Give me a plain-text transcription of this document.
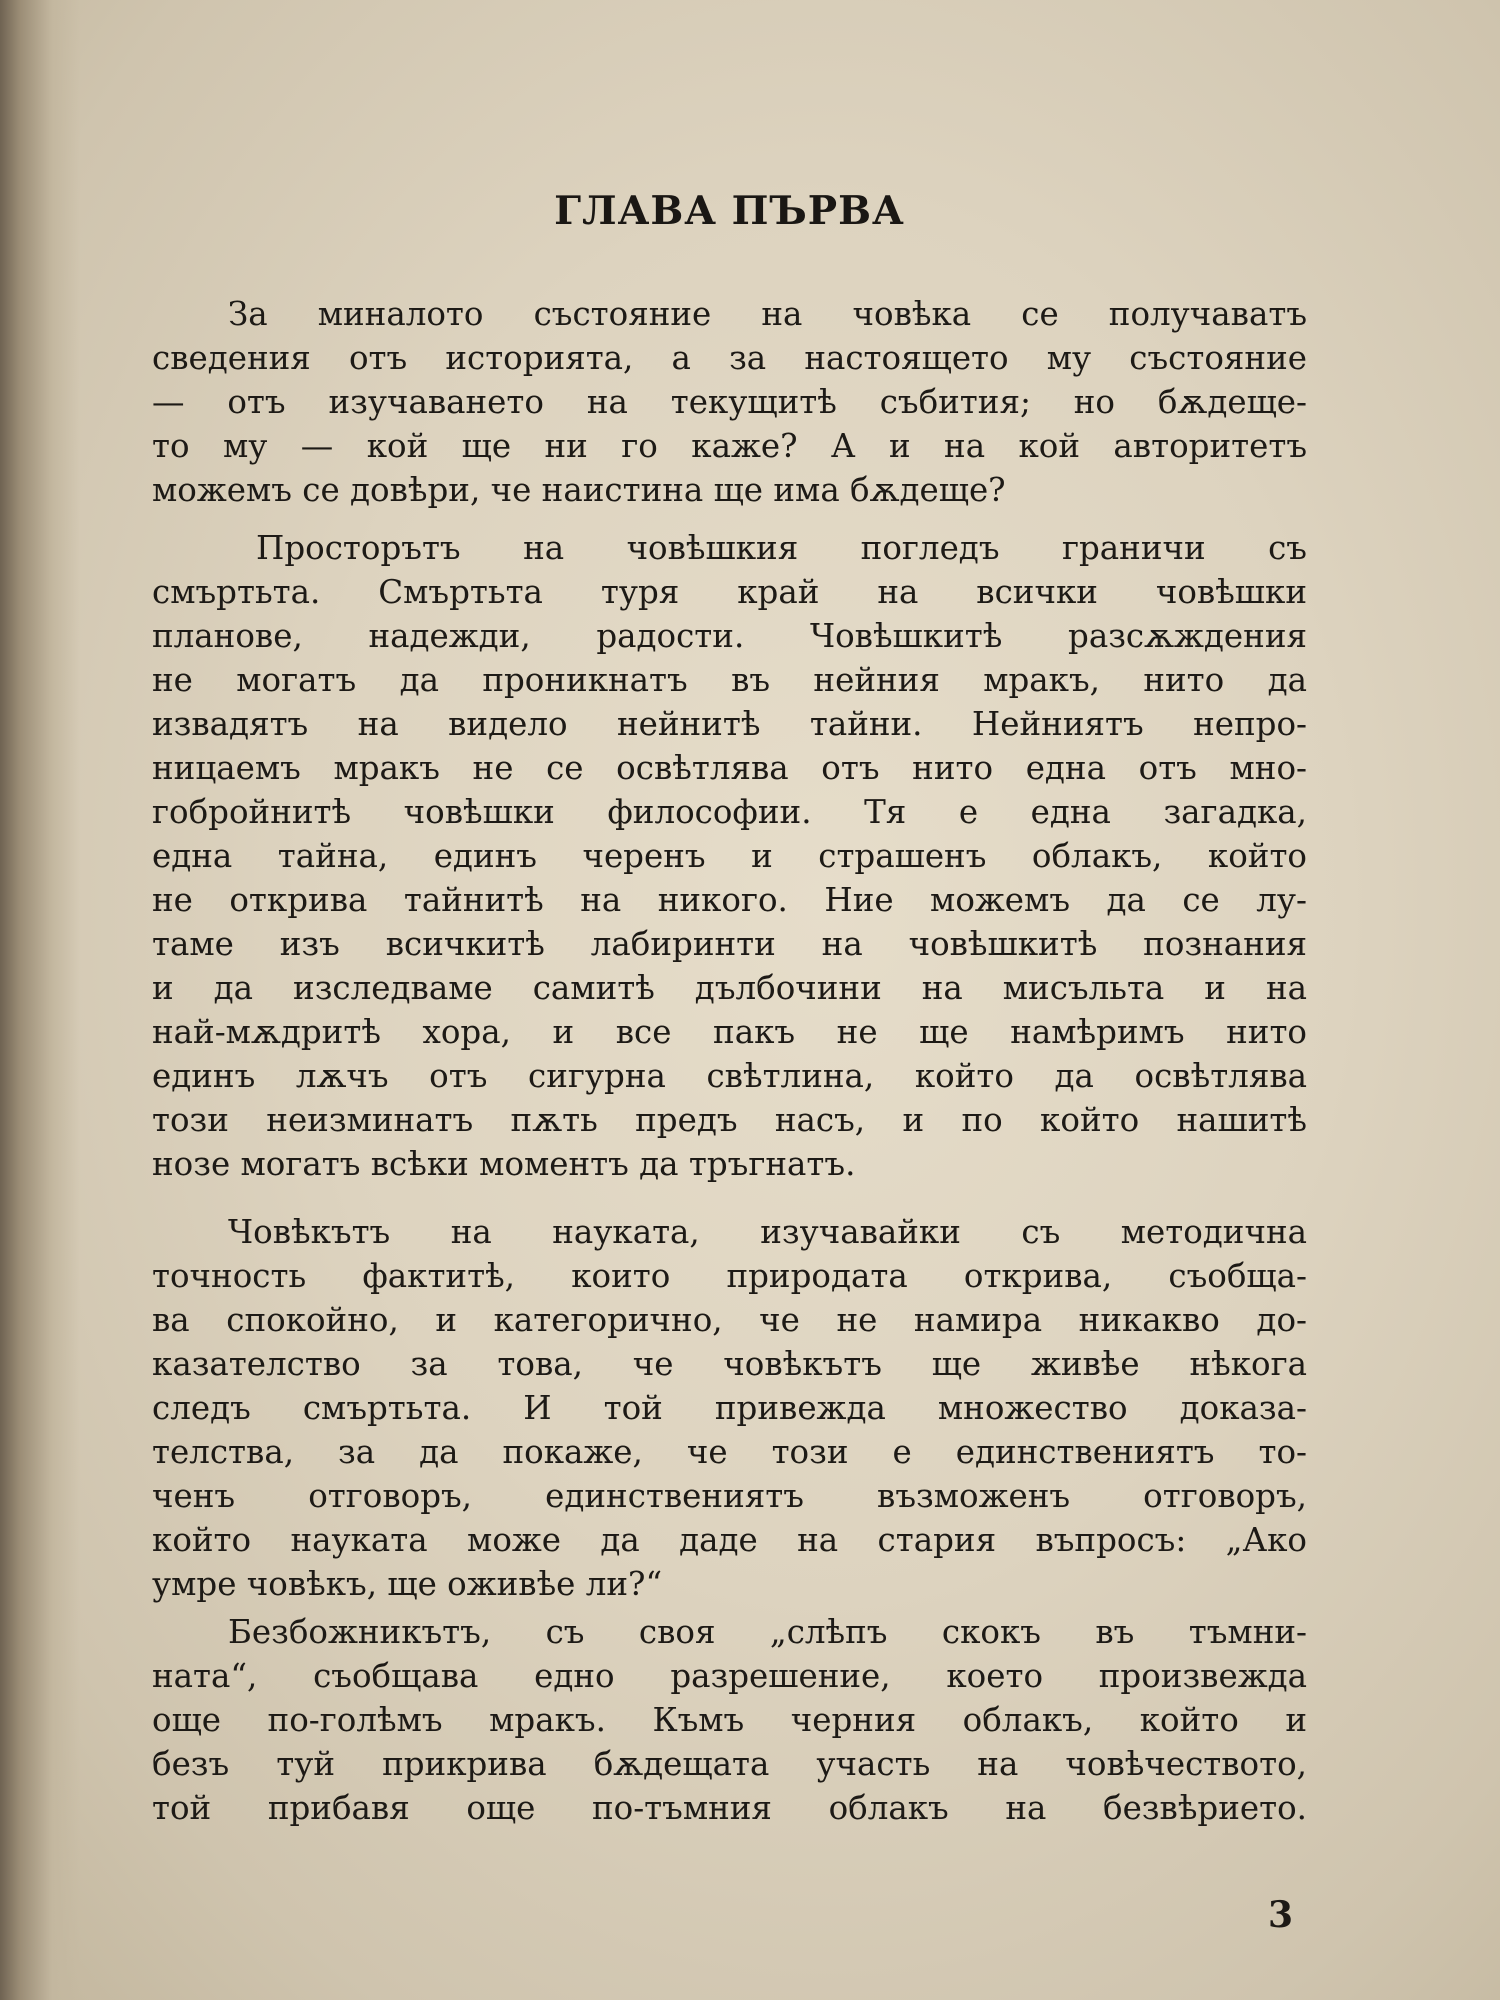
ГЛАВА ПЪРВА
За миналото състояние на човѣка се получаватъ
сведения отъ историята, а за настоящето му състояние
— отъ изучаването на текущитѣ събития; но бѫдеще-
то му — кой ще ни го каже? А и на кой авторитетъ
можемъ се довѣри, че наистина ще има бѫдеще?
Просторътъ на човѣшкия погледъ граничи съ
смъртьта. Смъртьта туря край на всички човѣшки
планове, надежди, радости. Човѣшкитѣ разсѫждения
не могатъ да проникнатъ въ нейния мракъ, нито да
извадятъ на видело нейнитѣ тайни. Нейниятъ непро-
ницаемъ мракъ не се освѣтлява отъ нито една отъ мно-
гобройнитѣ човѣшки философии. Тя е една загадка,
една тайна, единъ черенъ и страшенъ облакъ, който
не открива тайнитѣ на никого. Ние можемъ да се лу-
таме изъ всичкитѣ лабиринти на човѣшкитѣ познания
и да изследваме самитѣ дълбочини на мисъльта и на
най-мѫдритѣ хора, и все пакъ не ще намѣримъ нито
единъ лѫчъ отъ сигурна свѣтлина, който да освѣтлява
този неизминатъ пѫть предъ насъ, и по който нашитѣ
нозе могатъ всѣки моментъ да тръгнатъ.
Човѣкътъ на науката, изучавайки съ методична
точность фактитѣ, които природата открива, съобща-
ва спокойно, и категорично, че не намира никакво до-
казателство за това, че човѣкътъ ще живѣе нѣкога
следъ смъртьта. И той привежда множество доказа-
телства, за да покаже, че този е единствениятъ то-
ченъ отговоръ, единствениятъ възможенъ отговоръ,
който науката може да даде на стария въпросъ: „Ако
умре човѣкъ, ще оживѣе ли?“
Безбожникътъ, съ своя „слѣпъ скокъ въ тъмни-
ната“, съобщава едно разрешение, което произвежда
още по-голѣмъ мракъ. Къмъ черния облакъ, който и
безъ туй прикрива бѫдещата участь на човѣчеството,
той прибавя още по-тъмния облакъ на безвѣрието.
3
